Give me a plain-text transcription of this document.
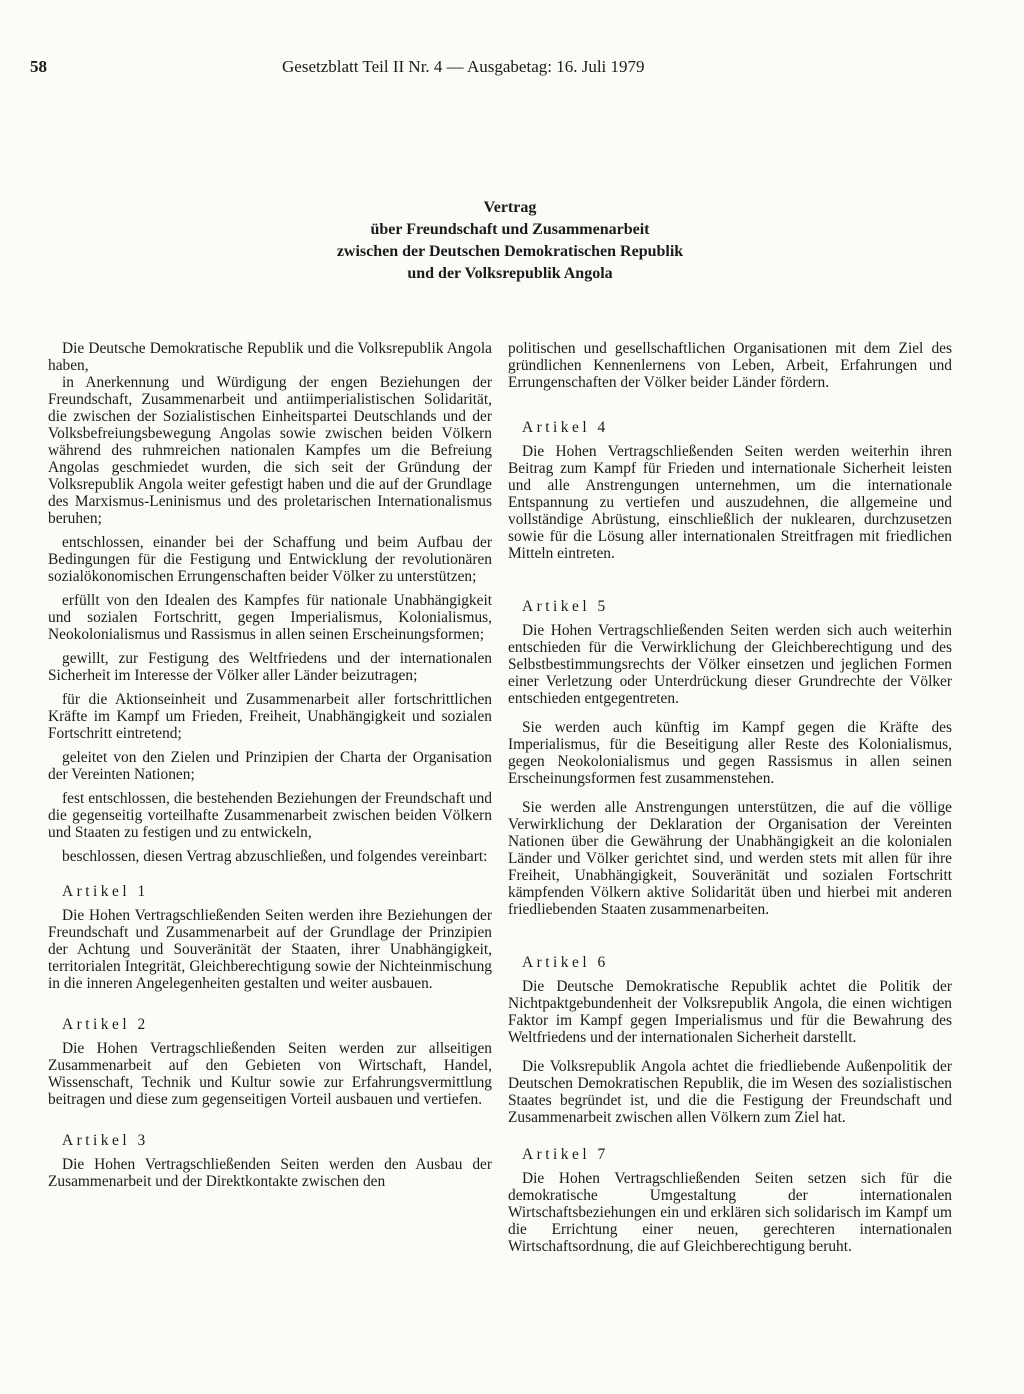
58	Gesetzblatt Teil II Nr. 4 — Ausgabetag: 16. Juli 1979
Vertrag
über Freundschaft und Zusammenarbeit
zwischen der Deutschen Demokratischen Republik
und der Volksrepublik Angola

Die Deutsche Demokratische Republik und die Volksrepublik Angola haben,

in Anerkennung und Würdigung der engen Beziehungen der Freundschaft, Zusammenarbeit und antiimperialistischen Solidarität, die zwischen der Sozialistischen Einheitspartei Deutschlands und der Volksbefreiungsbewegung Angolas sowie zwischen beiden Völkern während des ruhmreichen nationalen Kampfes um die Befreiung Angolas geschmiedet wurden, die sich seit der Gründung der Volksrepublik Angola weiter gefestigt haben und die auf der Grundlage des Marxismus-Leninismus und des proletarischen Internationalismus beruhen;

entschlossen, einander bei der Schaffung und beim Aufbau der Bedingungen für die Festigung und Entwicklung der revolutionären sozialökonomischen Errungenschaften beider Völker zu unterstützen;

erfüllt von den Idealen des Kampfes für nationale Unabhängigkeit und sozialen Fortschritt, gegen Imperialismus, Kolonialismus, Neokolonialismus und Rassismus in allen seinen Erscheinungsformen;

gewillt, zur Festigung des Weltfriedens und der internationalen Sicherheit im Interesse der Völker aller Länder beizutragen;

für die Aktionseinheit und Zusammenarbeit aller fortschrittlichen Kräfte im Kampf um Frieden, Freiheit, Unabhängigkeit und sozialen Fortschritt eintretend;

geleitet von den Zielen und Prinzipien der Charta der Organisation der Vereinten Nationen;

fest entschlossen, die bestehenden Beziehungen der Freundschaft und die gegenseitig vorteilhafte Zusammenarbeit zwischen beiden Völkern und Staaten zu festigen und zu entwickeln,

beschlossen, diesen Vertrag abzuschließen, und folgendes vereinbart:

Artikel 1

Die Hohen Vertragschließenden Seiten werden ihre Beziehungen der Freundschaft und Zusammenarbeit auf der Grundlage der Prinzipien der Achtung und Souveränität der Staaten, ihrer Unabhängigkeit, territorialen Integrität, Gleichberechtigung sowie der Nichteinmischung in die inneren Angelegenheiten gestalten und weiter ausbauen.

Artikel 2

Die Hohen Vertragschließenden Seiten werden zur allseitigen Zusammenarbeit auf den Gebieten von Wirtschaft, Handel, Wissenschaft, Technik und Kultur sowie zur Erfahrungsvermittlung beitragen und diese zum gegenseitigen Vorteil ausbauen und vertiefen.

Artikel 3

Die Hohen Vertragschließenden Seiten werden den Ausbau der Zusammenarbeit und der Direktkontakte zwischen den

politischen und gesellschaftlichen Organisationen mit dem Ziel des gründlichen Kennenlernens von Leben, Arbeit, Erfahrungen und Errungenschaften der Völker beider Länder fördern.

Artikel 4

Die Hohen Vertragschließenden Seiten werden weiterhin ihren Beitrag zum Kampf für Frieden und internationale Sicherheit leisten und alle Anstrengungen unternehmen, um die internationale Entspannung zu vertiefen und auszudehnen, die allgemeine und vollständige Abrüstung, einschließlich der nuklearen, durchzusetzen sowie für die Lösung aller internationalen Streitfragen mit friedlichen Mitteln eintreten.

Artikel 5

Die Hohen Vertragschließenden Seiten werden sich auch weiterhin entschieden für die Verwirklichung der Gleichberechtigung und des Selbstbestimmungsrechts der Völker einsetzen und jeglichen Formen einer Verletzung oder Unterdrückung dieser Grundrechte der Völker entschieden entgegentreten.

Sie werden auch künftig im Kampf gegen die Kräfte des Imperialismus, für die Beseitigung aller Reste des Kolonialismus, gegen Neokolonialismus und gegen Rassismus in allen seinen Erscheinungsformen fest zusammenstehen.

Sie werden alle Anstrengungen unterstützen, die auf die völlige Verwirklichung der Deklaration der Organisation der Vereinten Nationen über die Gewährung der Unabhängigkeit an die kolonialen Länder und Völker gerichtet sind, und werden stets mit allen für ihre Freiheit, Unabhängigkeit, Souveränität und sozialen Fortschritt kämpfenden Völkern aktive Solidarität üben und hierbei mit anderen friedliebenden Staaten zusammenarbeiten.

Artikel 6

Die Deutsche Demokratische Republik achtet die Politik der Nichtpaktgebundenheit der Volksrepublik Angola, die einen wichtigen Faktor im Kampf gegen Imperialismus und für die Bewahrung des Weltfriedens und der internationalen Sicherheit darstellt.

Die Volksrepublik Angola achtet die friedliebende Außenpolitik der Deutschen Demokratischen Republik, die im Wesen des sozialistischen Staates begründet ist, und die die Festigung der Freundschaft und Zusammenarbeit zwischen allen Völkern zum Ziel hat.

Artikel 7

Die Hohen Vertragschließenden Seiten setzen sich für die demokratische Umgestaltung der internationalen Wirtschaftsbeziehungen ein und erklären sich solidarisch im Kampf um die Errichtung einer neuen, gerechteren internationalen Wirtschaftsordnung, die auf Gleichberechtigung beruht.
